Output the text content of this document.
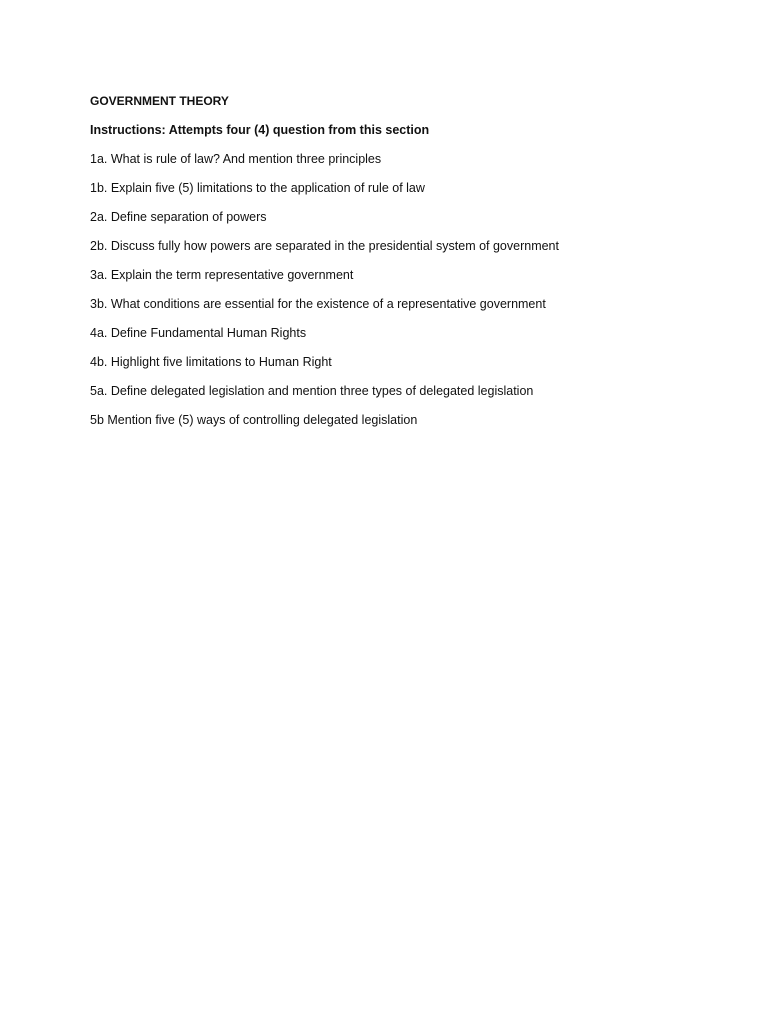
GOVERNMENT THEORY

Instructions: Attempts four (4) question from this section

1a. What is rule of law? And mention three principles

1b. Explain five (5) limitations to the application of rule of law

2a. Define separation of powers

2b. Discuss fully how powers are separated in the presidential system of government

3a. Explain the term representative government

3b. What conditions are essential for the existence of a representative government

4a. Define Fundamental Human Rights

4b. Highlight five limitations to Human Right

5a. Define delegated legislation and mention three types of delegated legislation

5b Mention five (5) ways of controlling delegated legislation
